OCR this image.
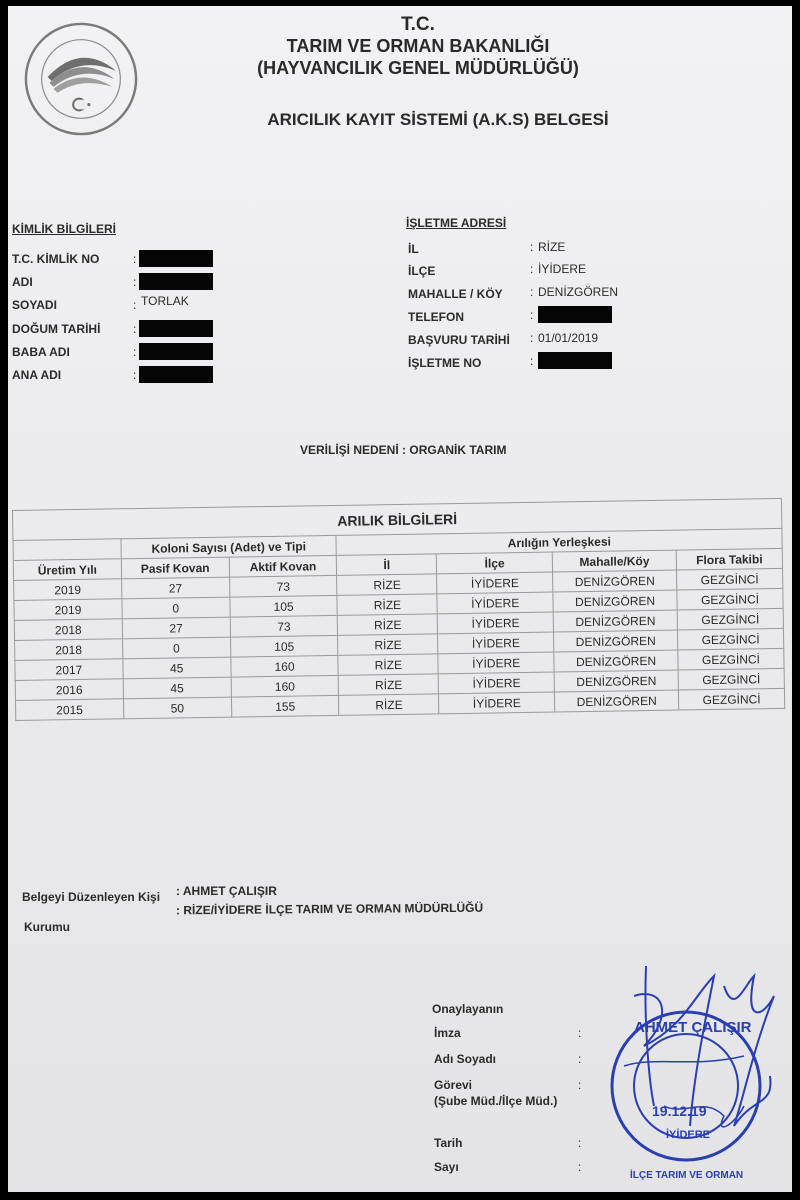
T.C.
TARIM VE ORMAN BAKANLIĞI
(HAYVANCILIK GENEL MÜDÜRLÜĞÜ)
ARICILIK KAYIT SİSTEMİ (A.K.S) BELGESİ
KİMLİK BİLGİLERİ
T.C. KİMLİK NO	:
ADI	:
SOYADI	: TORLAK
DOĞUM TARİHİ	:
BABA ADI	:
ANA ADI	:
İŞLETME ADRESİ
İL	: RİZE
İLÇE	: İYİDERE
MAHALLE / KÖY : DENİZGÖREN
TELEFON	:
BAŞVURU TARİHİ : 01/01/2019
İŞLETME NO	:
VERİLİŞİ NEDENİ : ORGANİK TARIM
ARILIK BİLGİLERİ
	Koloni Sayısı (Adet) ve Tipi		Arılığın Yerleşkesi			
Üretim Yılı	Pasif Kovan	Aktif Kovan	İl	İlçe	Mahalle/Köy	Flora Takibi
2019	27	73	RİZE	İYİDERE	DENİZGÖREN	GEZGİNCİ
2019	0	105	RİZE	İYİDERE	DENİZGÖREN	GEZGİNCİ
2018	27	73	RİZE	İYİDERE	DENİZGÖREN	GEZGİNCİ
2018	0	105	RİZE	İYİDERE	DENİZGÖREN	GEZGİNCİ
2017	45	160	RİZE	İYİDERE	DENİZGÖREN	GEZGİNCİ
2016	45	160	RİZE	İYİDERE	DENİZGÖREN	GEZGİNCİ
2015	50	155	RİZE	İYİDERE	DENİZGÖREN	GEZGİNCİ
Belgeyi Düzenleyen Kişi : AHMET ÇALIŞIR
Kurumu
: RİZE/İYİDERE İLÇE TARIM VE ORMAN MÜDÜRLÜĞÜ
Onaylayanın
İmza	:
Adı Soyadı	:
Görevi	:
(Şube Müd./İlçe Müd.)
Tarih	:
Sayı	:
AHMET ÇALIŞIR
İYİDERE
19.12.19
İLÇE TARIM VE ORMAN
